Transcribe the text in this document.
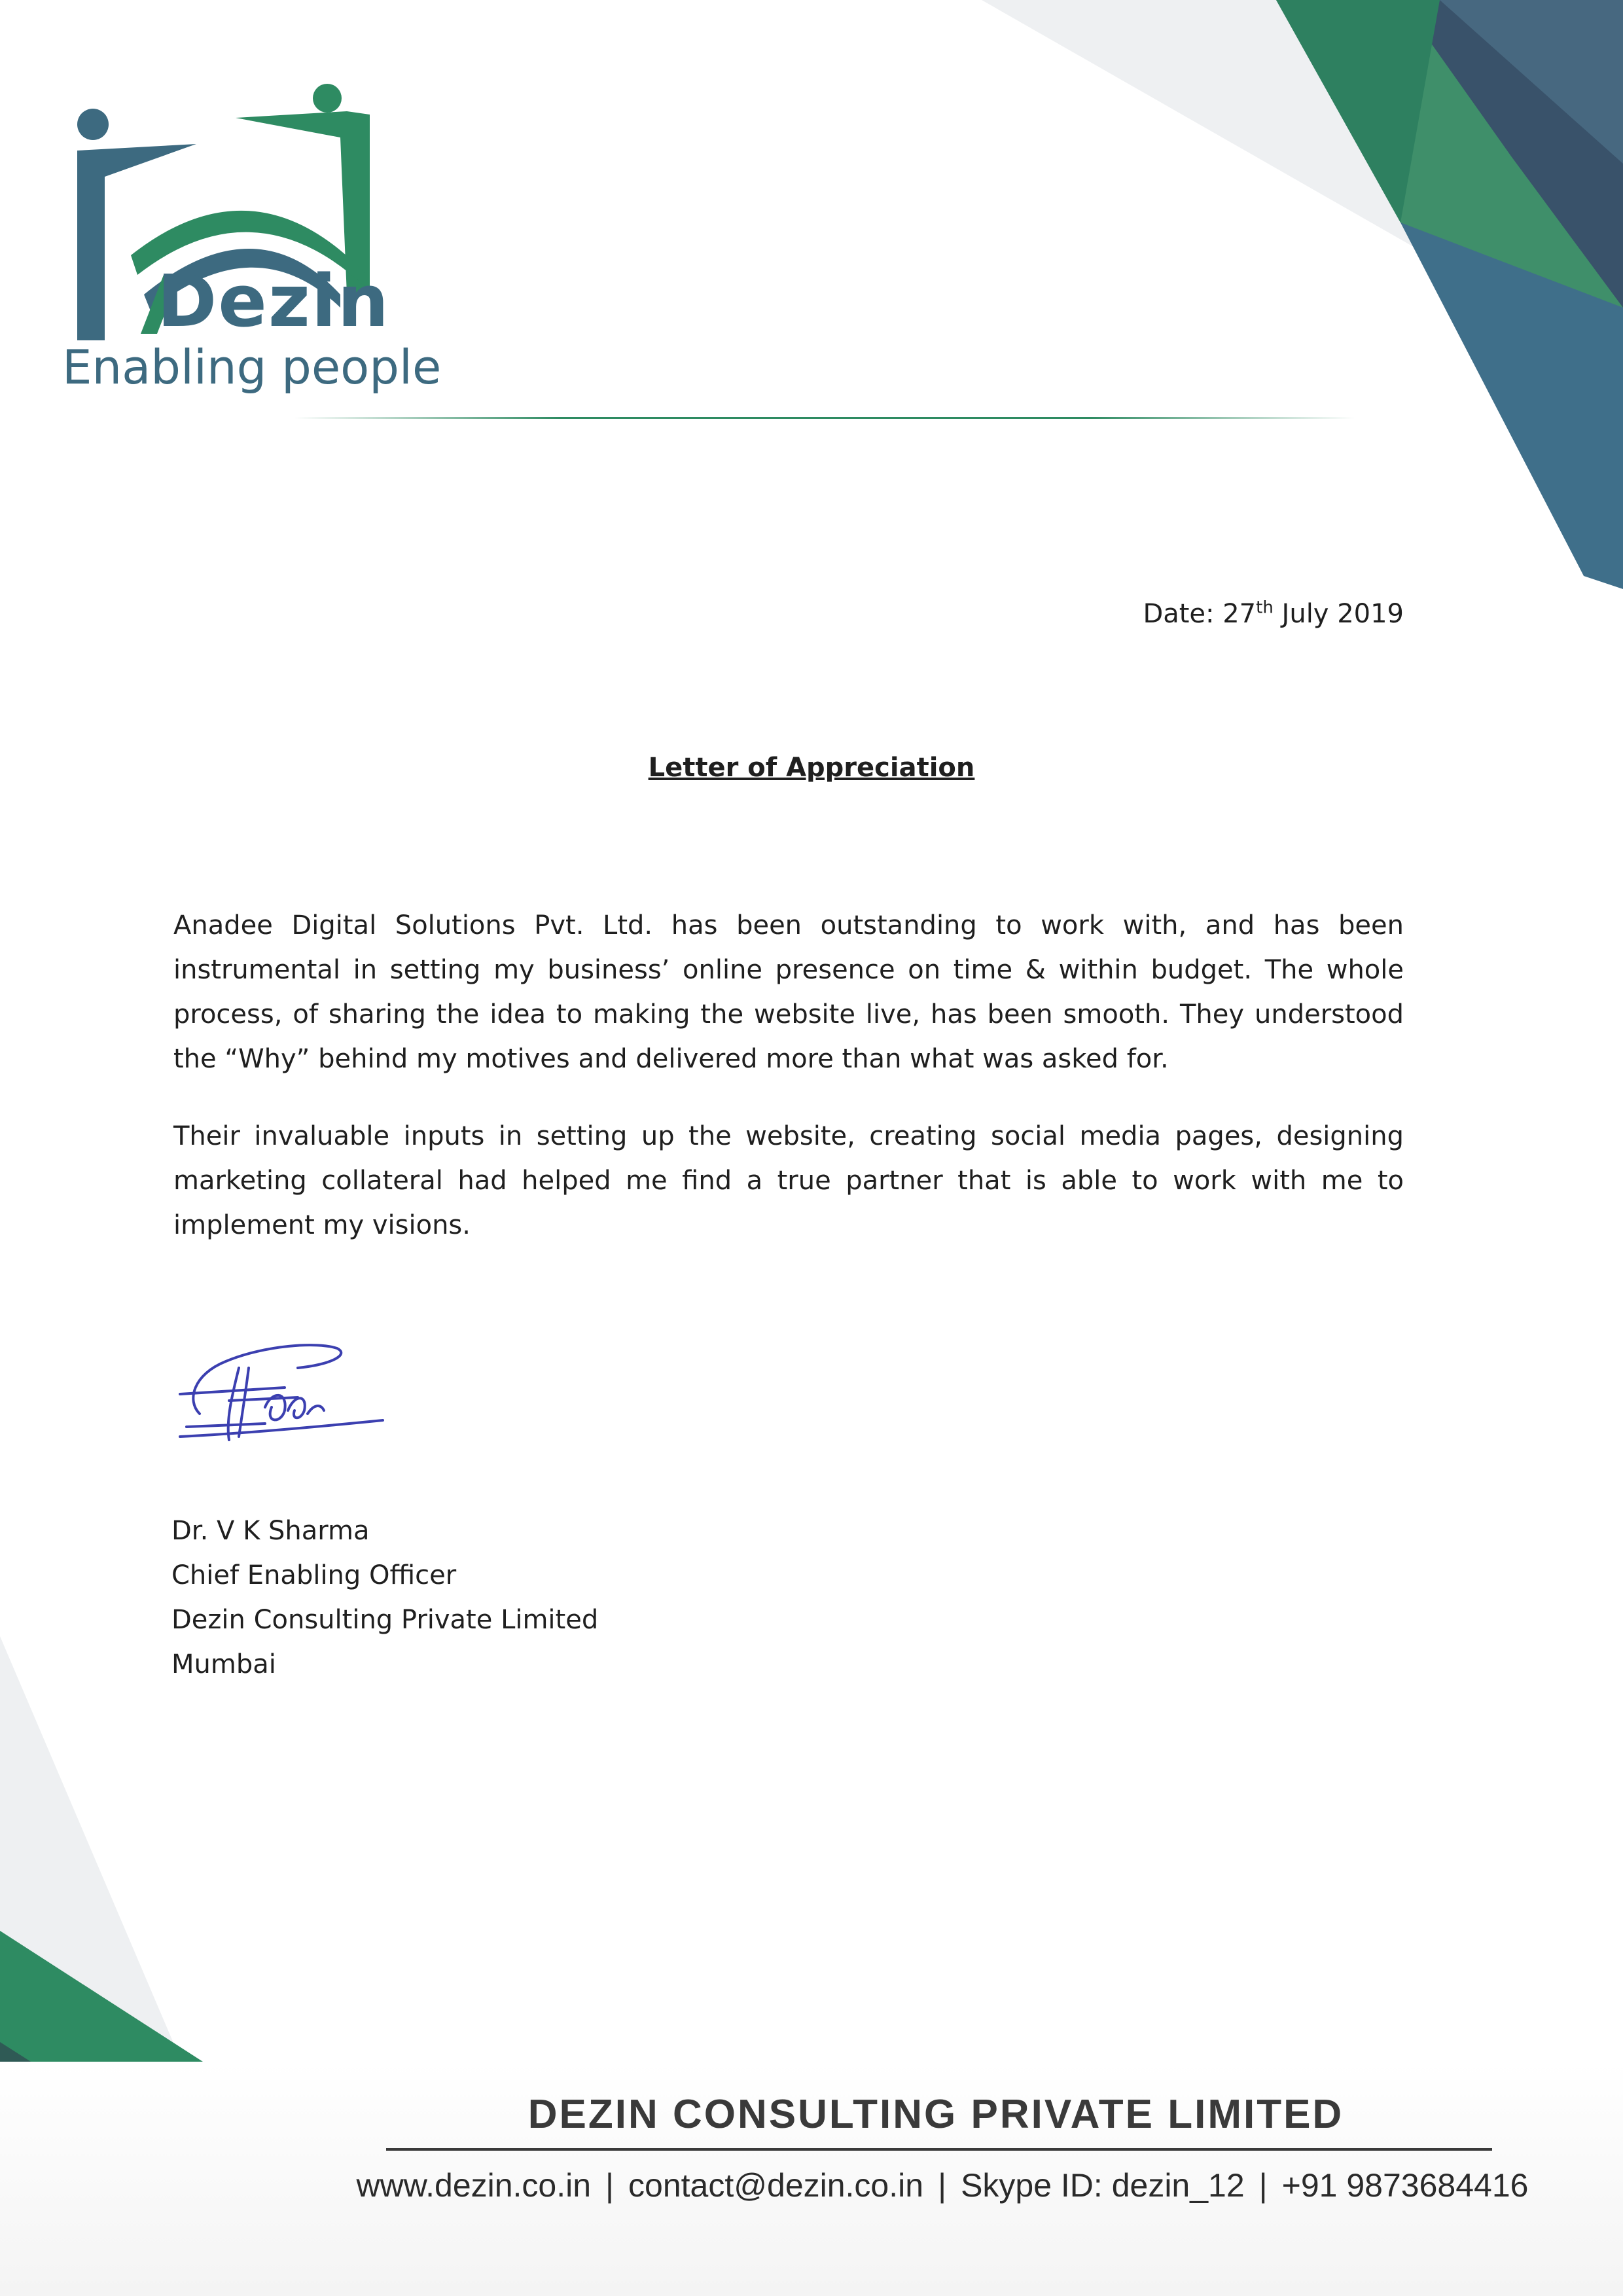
Dezin
Enabling people
Date: 27th July 2019
Letter of Appreciation

Anadee Digital Solutions Pvt. Ltd. has been outstanding to work with, and has been instrumental in setting my business’ online presence on time & within budget. The whole process, of sharing the idea to making the website live, has been smooth. They understood the “Why” behind my motives and delivered more than what was asked for.

Their invaluable inputs in setting up the website, creating social media pages, designing marketing collateral had helped me find a true partner that is able to work with me to implement my visions.

Dr. V K Sharma
Chief Enabling Officer
Dezin Consulting Private Limited
Mumbai
DEZIN CONSULTING PRIVATE LIMITED
www.dezin.co.in | contact@dezin.co.in | Skype ID: dezin_12 | +91 9873684416
